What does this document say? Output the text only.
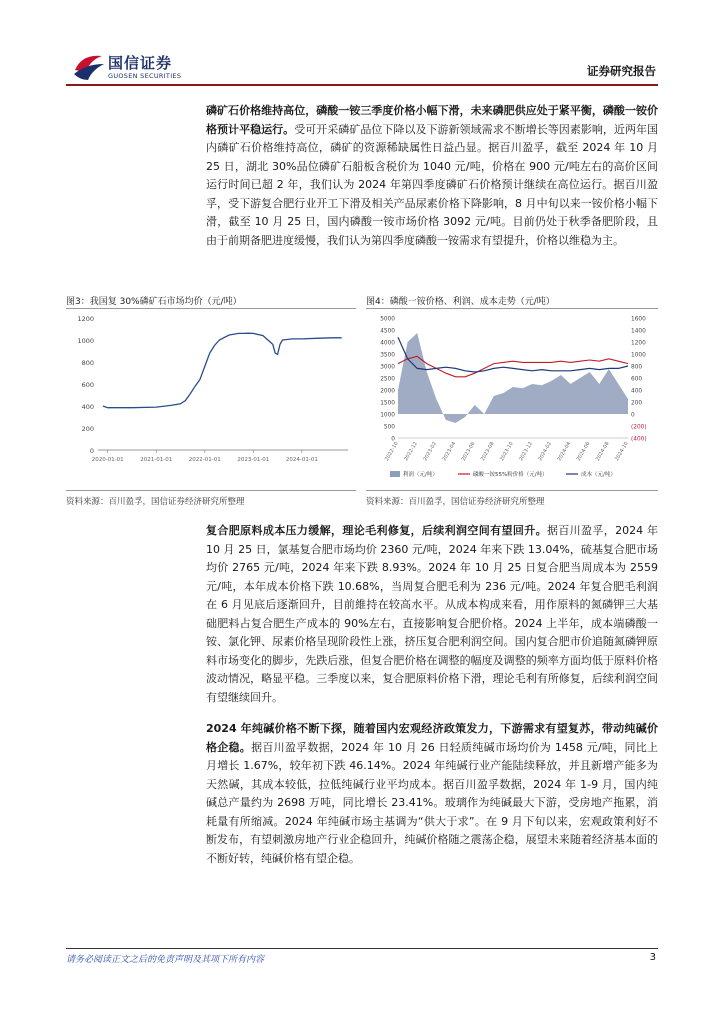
国信证券
GUOSEN SECURITIES	证券研究报告

磷矿石价格维持高位，磷酸一铵三季度价格小幅下滑，未来磷肥供应处于紧平衡，磷酸一铵价格预计平稳运行。受可开采磷矿品位下降以及下游新领域需求不断增长等因素影响，近两年国内磷矿石价格维持高位，磷矿的资源稀缺属性日益凸显。据百川盈孚，截至 2024 年 10 月 25 日，湖北 30%品位磷矿石船板含税价为 1040 元/吨，价格在 900 元/吨左右的高价区间运行时间已超 2 年，我们认为 2024 年第四季度磷矿石价格预计继续在高位运行。据百川盈孚，受下游复合肥行业开工下滑及相关产品尿素价格下降影响，8 月中旬以来一铵价格小幅下滑，截至 10 月 25 日，国内磷酸一铵市场价格 3092 元/吨。目前仍处于秋季备肥阶段，且由于前期备肥进度缓慢，我们认为第四季度磷酸一铵需求有望提升，价格以维稳为主。

图3：我国复 30%磷矿石市场均价（元/吨）
0
200
400
600
800
1000
1200
2020-01-01	2021-01-01	2022-01-01	2023-01-01	2024-01-01
资料来源：百川盈孚，国信证券经济研究所整理
图4：磷酸一铵价格、利润、成本走势（元/吨）
0
500
1000
1500
2000
2500
3000
3500
4000
4500
5000
(400)
(200)
0
200
400
600
800
1000
1200
1400
1600
2022-10 2022-12 2023-02 2023-04 2023-06 2023-08 2023-10 2023-12 2024-02 2024-04 2024-06 2024-08 2024-10
利润（元/吨）	磷酸一铵55%粉价格（元/吨）	成本（元/吨）
资料来源：百川盈孚，国信证券经济研究所整理

复合肥原料成本压力缓解，理论毛利修复，后续利润空间有望回升。据百川盈孚，2024 年 10 月 25 日，氯基复合肥市场均价 2360 元/吨，2024 年来下跌 13.04%，硫基复合肥市场均价 2765 元/吨，2024 年来下跌 8.93%。2024 年 10 月 25 日复合肥当周成本为 2559 元/吨，本年成本价格下跌 10.68%，当周复合肥毛利为 236 元/吨。2024 年复合肥毛利润在 6 月见底后逐渐回升，目前維持在较高水平。从成本构成来看，用作原料的氮磷钾三大基础肥料占复合肥生产成本的 90%左右，直接影响复合肥价格。2024 上半年，成本端磷酸一铵、氯化钾、尿素价格呈现阶段性上涨，挤压复合肥利润空间。国内复合肥市价追随氮磷钾原料市场变化的脚步，先跌后涨，但复合肥价格在调整的幅度及调整的频率方面均低于原料价格波动情况，略显平稳。三季度以来，复合肥原料价格下滑，理论毛利有所修复，后续利润空间有望继续回升。

2024 年纯碱价格不断下探，随着国内宏观经济政策发力，下游需求有望复苏，带动纯碱价格企稳。据百川盈孚数据，2024 年 10 月 26 日轻质纯碱市场均价为 1458 元/吨，同比上月增长 1.67%，较年初下跌 46.14%。2024 年纯碱行业产能陆续释放，并且新增产能多为天然碱，其成本较低，拉低纯碱行业平均成本。据百川盈孚数据，2024 年 1-9 月，国内纯碱总产量约为 2698 万吨，同比增长 23.41%。玻璃作为纯碱最大下游，受房地产拖累，消耗量有所缩减。2024 年纯碱市场主基调为“供大于求”。在 9 月下旬以来，宏观政策利好不断发布，有望刺激房地产行业企稳回升，纯碱价格随之震荡企稳，展望未来随着经济基本面的不断好转，纯碱价格有望企稳。

请务必阅读正文之后的免责声明及其项下所有内容	3
